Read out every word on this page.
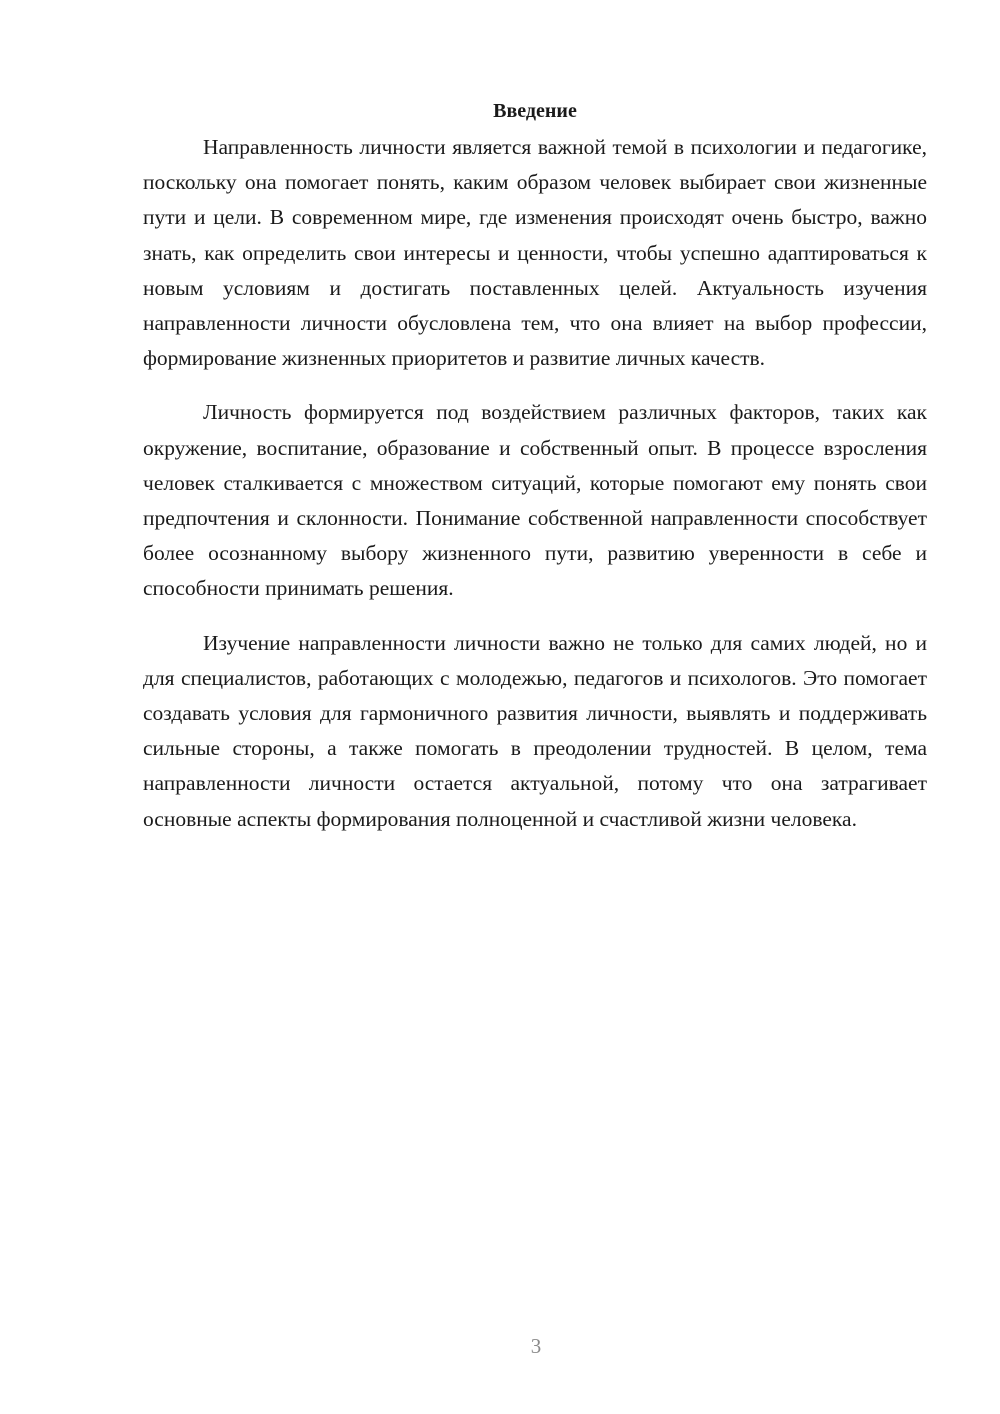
Введение

Направленность личности является важной темой в психологии и педагогике, поскольку она помогает понять, каким образом человек выбирает свои жизненные пути и цели. В современном мире, где изменения происходят очень быстро, важно знать, как определить свои интересы и ценности, чтобы успешно адаптироваться к новым условиям и достигать поставленных целей. Актуальность изучения направленности личности обусловлена тем, что она влияет на выбор профессии, формирование жизненных приоритетов и развитие личных качеств.

Личность формируется под воздействием различных факторов, таких как окружение, воспитание, образование и собственный опыт. В процессе взросления человек сталкивается с множеством ситуаций, которые помогают ему понять свои предпочтения и склонности. Понимание собственной направленности способствует более осознанному выбору жизненного пути, развитию уверенности в себе и способности принимать решения.

Изучение направленности личности важно не только для самих людей, но и для специалистов, работающих с молодежью, педагогов и психологов. Это помогает создавать условия для гармоничного развития личности, выявлять и поддерживать сильные стороны, а также помогать в преодолении трудностей. В целом, тема направленности личности остается актуальной, потому что она затрагивает основные аспекты формирования полноценной и счастливой жизни человека.

3
